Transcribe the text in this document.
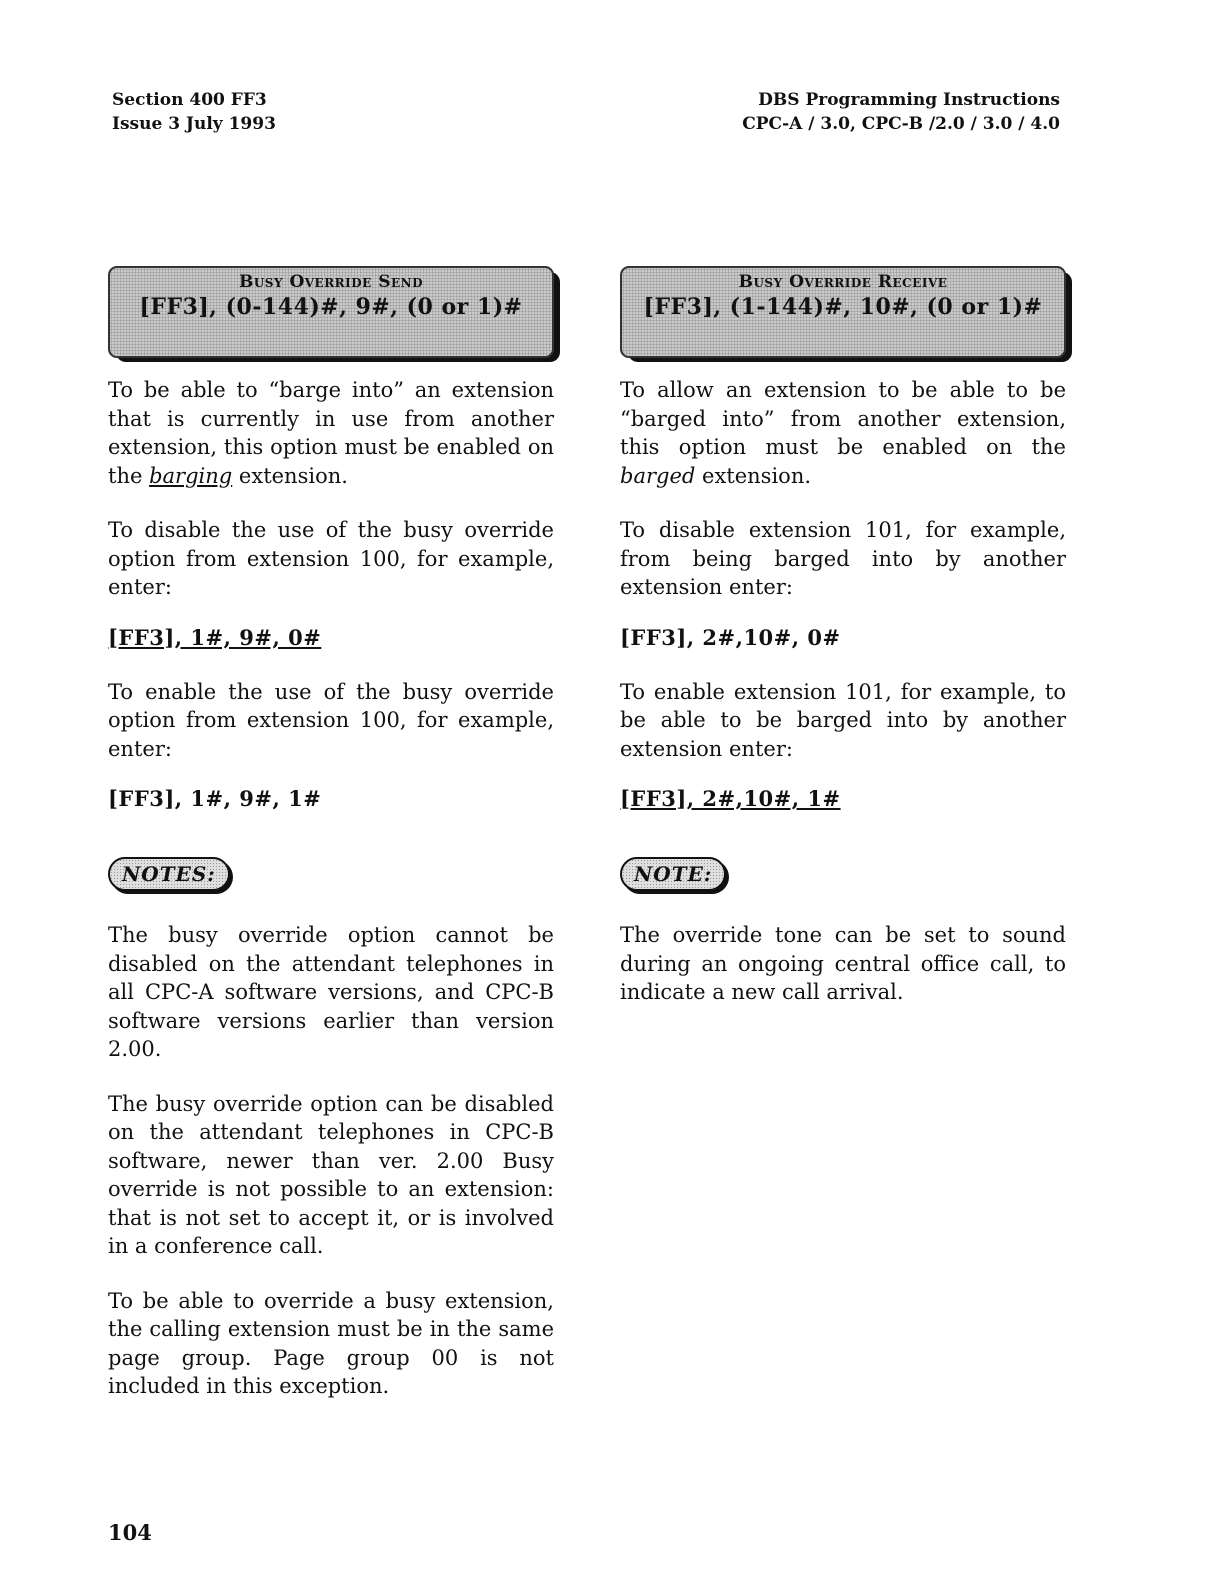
Section 400 FF3
Issue 3 July 1993
DBS Programming Instructions
CPC-A / 3.0, CPC-B /2.0 / 3.0 / 4.0
Busy Override Send
[FF3], (0-144)#, 9#, (0 or 1)#

To be able to “barge into” an extension that is currently in use from another extension, this option must be enabled on the barging extension.

To disable the use of the busy override option from extension 100, for example, enter:

[FF3], 1#, 9#, 0#

To enable the use of the busy override option from extension 100, for example, enter:

[FF3], 1#, 9#, 1#
NOTES:

The busy override option cannot be disabled on the attendant telephones in all CPC-A software versions, and CPC-B software versions earlier than version 2.00.

The busy override option can be disabled on the attendant telephones in CPC-B software, newer than ver. 2.00 Busy override is not possible to an extension: that is not set to accept it, or is involved in a conference call.

To be able to override a busy extension, the calling extension must be in the same page group. Page group 00 is not included in this exception.

Busy Override Receive
[FF3], (1-144)#, 10#, (0 or 1)#

To allow an extension to be able to be “barged into” from another extension, this option must be enabled on the barged extension.

To disable extension 101, for example, from being barged into by another extension enter:

[FF3], 2#,10#, 0#

To enable extension 101, for example, to be able to be barged into by another extension enter:

[FF3], 2#,10#, 1#
NOTE:

The override tone can be set to sound during an ongoing central office call, to indicate a new call arrival.

104
